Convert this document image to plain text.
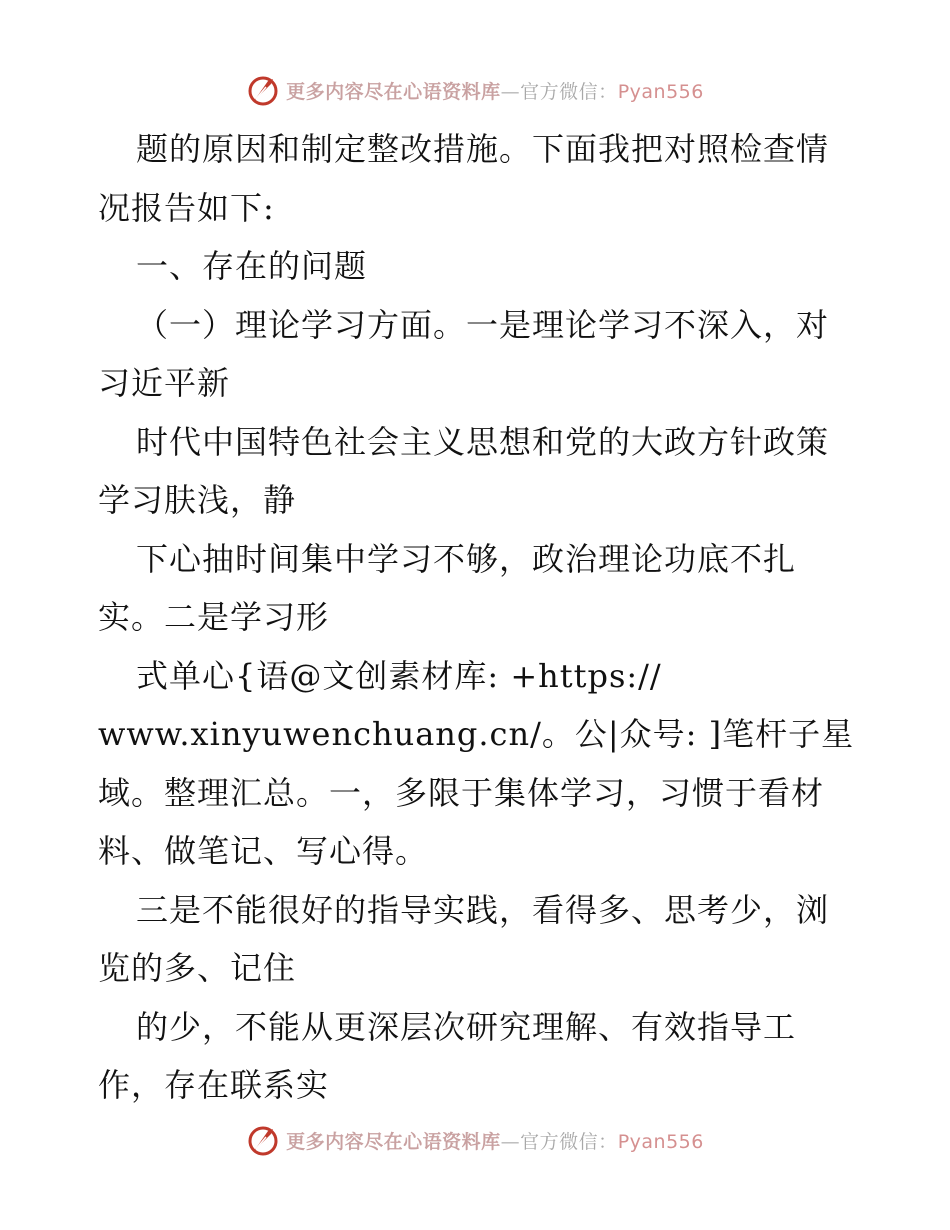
更多内容尽在心语资料库—官方微信：Pyan556
题的原因和制定整改措施。下面我把对照检查情
况报告如下:
一、存在的问题
（一）理论学习方面。一是理论学习不深入，对
习近平新
时代中国特色社会主义思想和党的大政方针政策
学习肤浅，静
下心抽时间集中学习不够，政治理论功底不扎
实。二是学习形
式单心{语@文创素材库: +https://
www.xinyuwenchuang.cn/。公|众号: ]笔杆子星
域。整理汇总。一，多限于集体学习，习惯于看材
料、做笔记、写心得。
三是不能很好的指导实践，看得多、思考少，浏
览的多、记住
的少，不能从更深层次研究理解、有效指导工
作，存在联系实
更多内容尽在心语资料库—官方微信：Pyan556
